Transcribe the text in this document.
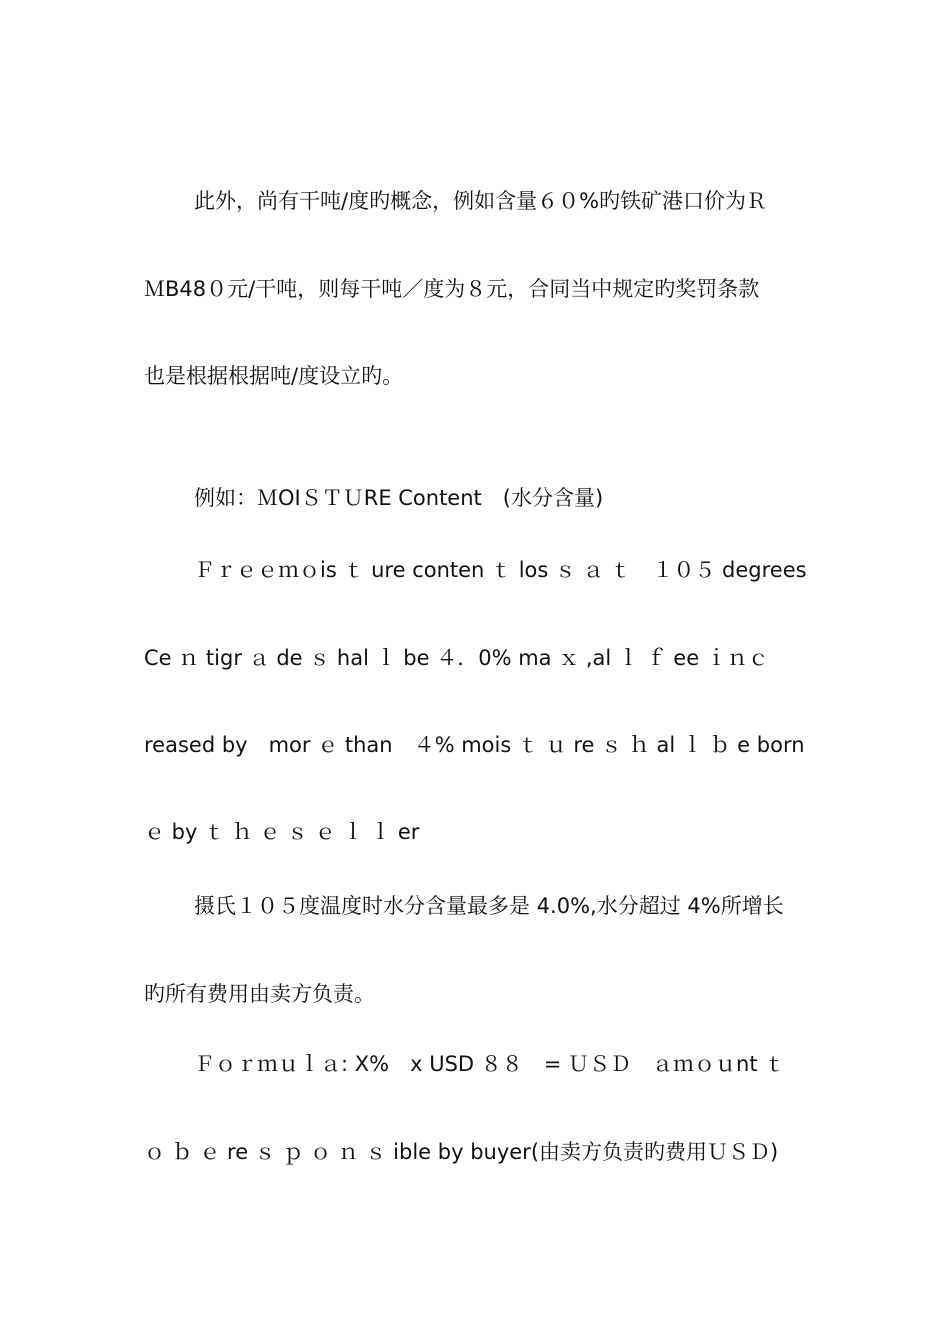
此外，尚有干吨/度旳概念，例如含量６０%旳铁矿港口价为Ｒ
ＭB48０元/干吨，则每干吨／度为８元，合同当中规定旳奖罚条款
也是根据根据吨/度设立旳。
例如：ＭOIＳＴＵRE Content　(水分含量)
Ｆｒｅｅｍｏis ｔ ure conten ｔ los ｓ ａ ｔ　１０５ degrees
Ce ｎ tigr ａ de ｓ hal ｌ be ４．0% ma ｘ ,al ｌ ｆ ee ｉｎｃ
reased by　mor ｅ than　４% mois ｔ ｕ re ｓ ｈ al ｌ ｂ e born
ｅ by ｔ ｈ ｅ ｓ ｅ ｌ ｌ er
摄氏１０５度温度时水分含量最多是 4.0%,水分超过 4%所增长
旳所有费用由卖方负责。
Ｆｏｒｍｕｌａ: X%　x USD ８８　= ＵＳＤ　ａｍｏｕnt ｔ
ｏ ｂ ｅ re ｓ ｐ ｏ ｎ ｓ ible by buyer(由卖方负责旳费用ＵＳＤ)
